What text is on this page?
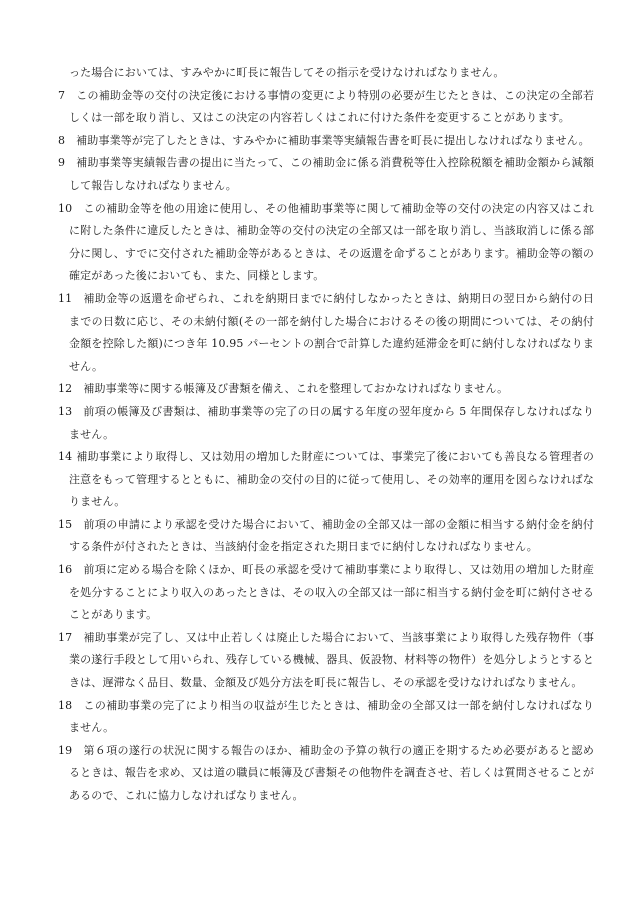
った場合においては、すみやかに町長に報告してその指示を受けなければなりません。

7 この補助金等の交付の決定後における事情の変更により特別の必要が生じたときは、この決定の全部若しくは一部を取り消し、又はこの決定の内容若しくはこれに付けた条件を変更することがあります。

8 補助事業等が完了したときは、すみやかに補助事業等実績報告書を町長に提出しなければなりません。

9 補助事業等実績報告書の提出に当たって、この補助金に係る消費税等仕入控除税額を補助金額から減額して報告しなければなりません。

10 この補助金等を他の用途に使用し、その他補助事業等に関して補助金等の交付の決定の内容又はこれに附した条件に違反したときは、補助金等の交付の決定の全部又は一部を取り消し、当該取消しに係る部分に関し、すでに交付された補助金等があるときは、その返還を命ずることがあります。補助金等の額の確定があった後においても、また、同様とします。

11 補助金等の返還を命ぜられ、これを納期日までに納付しなかったときは、納期日の翌日から納付の日までの日数に応じ、その未納付額(その一部を納付した場合におけるその後の期間については、その納付金額を控除した額)につき年 10.95 パーセントの割合で計算した違約延滞金を町に納付しなければなりません。

12 補助事業等に関する帳簿及び書類を備え、これを整理しておかなければなりません。

13 前項の帳簿及び書類は、補助事業等の完了の日の属する年度の翌年度から 5 年間保存しなければなりません。

14 補助事業により取得し、又は効用の増加した財産については、事業完了後においても善良なる管理者の注意をもって管理するとともに、補助金の交付の目的に従って使用し、その効率的運用を図らなければなりません。

15 前項の申請により承認を受けた場合において、補助金の全部又は一部の金額に相当する納付金を納付する条件が付されたときは、当該納付金を指定された期日までに納付しなければなりません。

16 前項に定める場合を除くほか、町長の承認を受けて補助事業により取得し、又は効用の増加した財産を処分することにより収入のあったときは、その収入の全部又は一部に相当する納付金を町に納付させることがあります。

17 補助事業が完了し、又は中止若しくは廃止した場合において、当該事業により取得した残存物件（事業の遂行手段として用いられ、残存している機械、器具、仮設物、材料等の物件）を処分しようとするときは、遅滞なく品目、数量、金額及び処分方法を町長に報告し、その承認を受けなければなりません。

18 この補助事業の完了により相当の収益が生じたときは、補助金の全部又は一部を納付しなければなりません。

19 第６項の遂行の状況に関する報告のほか、補助金の予算の執行の適正を期するため必要があると認めるときは、報告を求め、又は道の職員に帳簿及び書類その他物件を調査させ、若しくは質問させることがあるので、これに協力しなければなりません。
